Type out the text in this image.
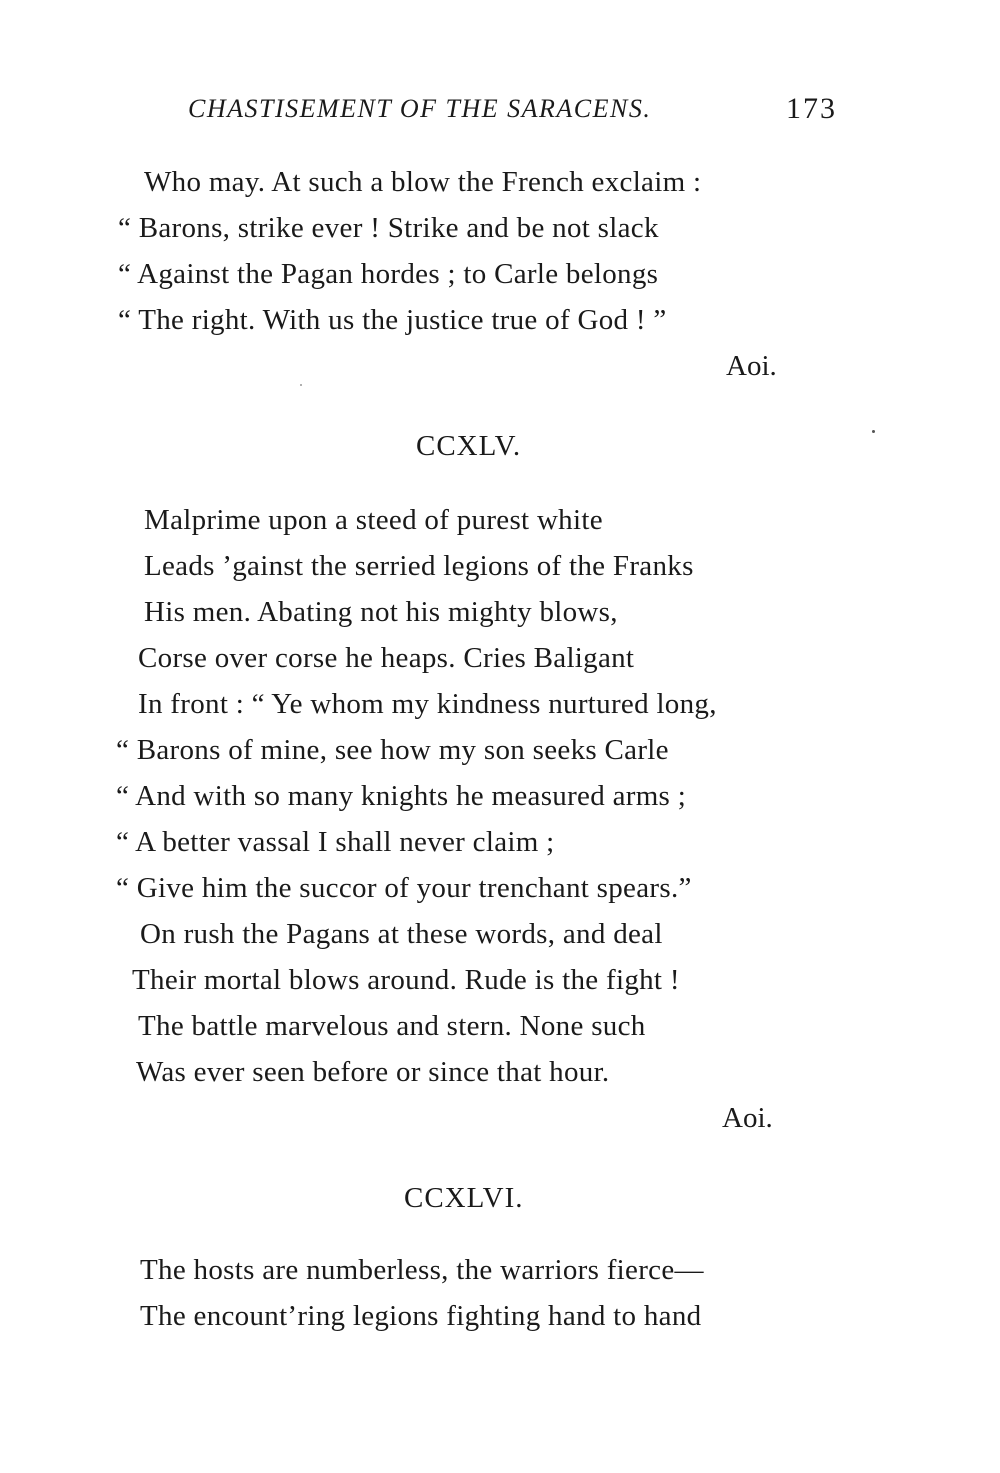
CHASTISEMENT OF THE SARACENS.	173
Who may. At such a blow the French exclaim :
“ Barons, strike ever ! Strike and be not slack
“ Against the Pagan hordes ; to Carle belongs
“ The right. With us the justice true of God ! ”
Aoi.
CCXLV.
Malprime upon a steed of purest white
Leads ’gainst the serried legions of the Franks
His men. Abating not his mighty blows,
Corse over corse he heaps. Cries Baligant
In front : “ Ye whom my kindness nurtured long,
“ Barons of mine, see how my son seeks Carle
“ And with so many knights he measured arms ;
“ A better vassal I shall never claim ;
“ Give him the succor of your trenchant spears.”
On rush the Pagans at these words, and deal
Their mortal blows around. Rude is the fight !
The battle marvelous and stern. None such
Was ever seen before or since that hour.
Aoi.
CCXLVI.
The hosts are numberless, the warriors fierce—
The encount’ring legions fighting hand to hand
